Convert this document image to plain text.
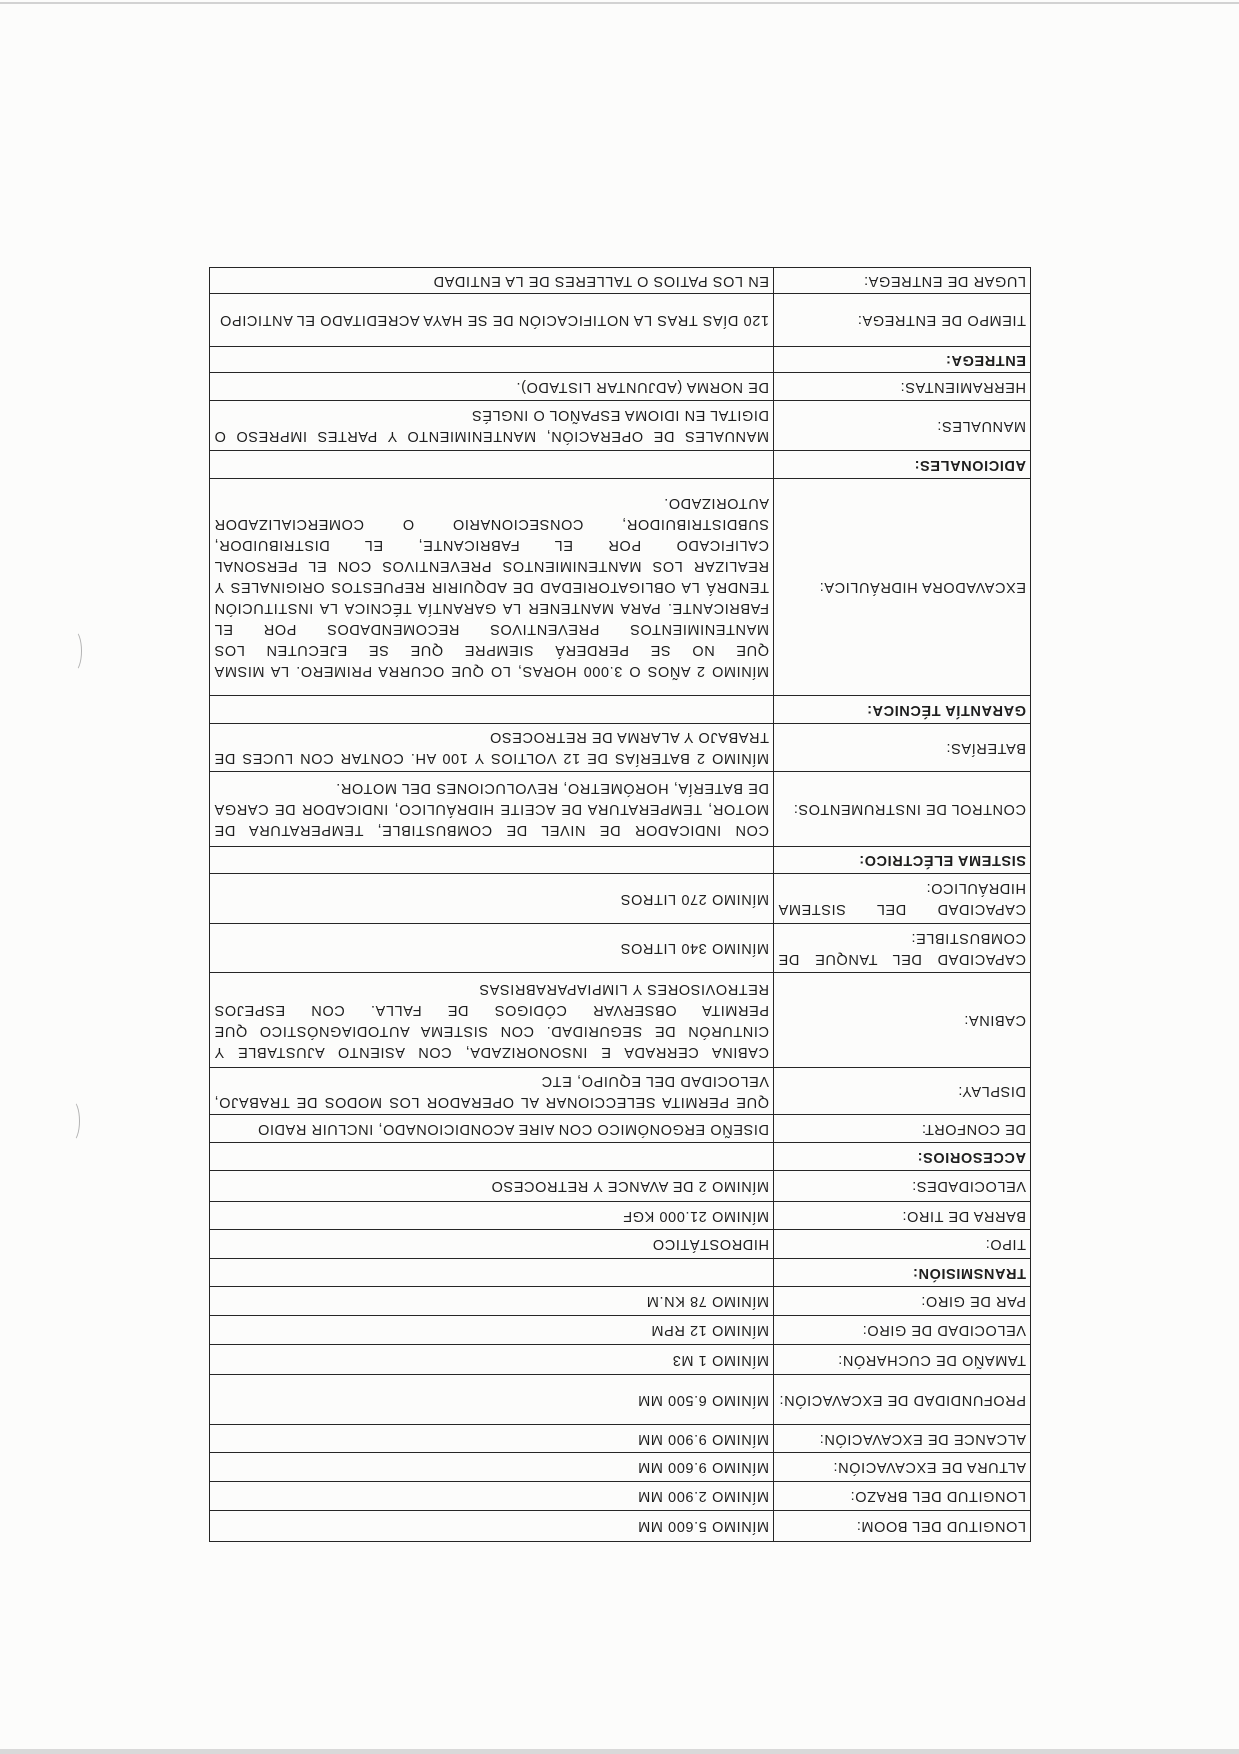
LONGITUD DEL BOOM:	MÍNIMO 5.600 MM
LONGITUD DEL BRAZO:	MÍNIMO 2.900 MM
ALTURA DE EXCAVACIÓN:	MÍNIMO 9.600 MM
ALCANCE DE EXCAVACIÓN:	MÍNIMO 9.900 MM
PROFUNDIDAD DE EXCAVACIÓN:	MÍNIMO 6.500 MM
TAMAÑO DE CUCHARÓN:	MÍNIMO 1 M3
VELOCIDAD DE GIRO:	MÍNIMO 12 RPM
PAR DE GIRO:	MÍNIMO 78 KN.M
TRANSMISIÓN:	
TIPO:	HIDROSTÁTICO
BARRA DE TIRO:	MÍNIMO 21.000 KGF
VELOCIDADES:	MÍNIMO 2 DE AVANCE Y RETROCESO
ACCESORIOS:	
DE CONFORT:	DISEÑO ERGONÓMICO CON AIRE ACONDICIONADO, INCLUIR RADIO
DISPLAY:	QUE PERMITA SELECCIONAR AL OPERADOR LOS MODOS DE TRABAJO, VELOCIDAD DEL EQUIPO, ETC
CABINA:	CABINA CERRADA E INSONORIZADA, CON ASIENTO AJUSTABLE Y CINTURÓN DE SEGURIDAD. CON SISTEMA AUTODIAGNÓSTICO QUE PERMITA OBSERVAR CÓDIGOS DE FALLA. CON ESPEJOS RETROVISORES Y LIMPIAPARABRISAS
CAPACIDAD DEL TANQUE DE COMBUSTIBLE:	MÍNIMO 340 LITROS
CAPACIDAD DEL SISTEMA HIDRÁULICO:	MÍNIMO 270 LITROS
SISTEMA ELÉCTRICO:	
CONTROL DE INSTRUMENTOS:	CON INDICADOR DE NIVEL DE COMBUSTIBLE, TEMPERATURA DE MOTOR, TEMPERATURA DE ACEITE HIDRÁULICO, INDICADOR DE CARGA DE BATERÍA, HORÓMETRO, REVOLUCIONES DEL MOTOR.
BATERÍAS:	MÍNIMO 2 BATERÍAS DE 12 VOLTIOS Y 100 AH. CONTAR CON LUCES DE TRABAJO Y ALARMA DE RETROCESO
GARANTÍA TÉCNICA:	
EXCAVADORA HIDRÁULICA:	MÍNIMO 2 AÑOS O 3.000 HORAS, LO QUE OCURRA PRIMERO. LA MISMA QUE NO SE PERDERÁ SIEMPRE QUE SE EJECUTEN LOS MANTENIMIENTOS PREVENTIVOS RECOMENDADOS POR EL FABRICANTE. PARA MANTENER LA GARANTÍA TÉCNICA LA INSTITUCIÓN TENDRÁ LA OBLIGATORIEDAD DE ADQUIRIR REPUESTOS ORIGINALES Y REALIZAR LOS MANTENIMIENTOS PREVENTIVOS CON EL PERSONAL CALIFICADO POR EL FABRICANTE, EL DISTRIBUIDOR, SUBDISTRIBUIDOR, CONSECIONARIO O COMERCIALIZADOR AUTORIZADO.
ADICIONALES:	
MANUALES:	MANUALES DE OPERACIÓN, MANTENIMIENTO Y PARTES IMPRESO O DIGITAL EN IDIOMA ESPAÑOL O INGLÉS
HERRAMIENTAS:	DE NORMA (ADJUNTAR LISTADO).
ENTREGA:	
TIEMPO DE ENTREGA:	120 DÍAS TRAS LA NOTIFICACIÓN DE SE HAYA ACREDITADO EL ANTICIPO
LUGAR DE ENTREGA:	EN LOS PATIOS O TALLERES DE LA ENTIDAD
